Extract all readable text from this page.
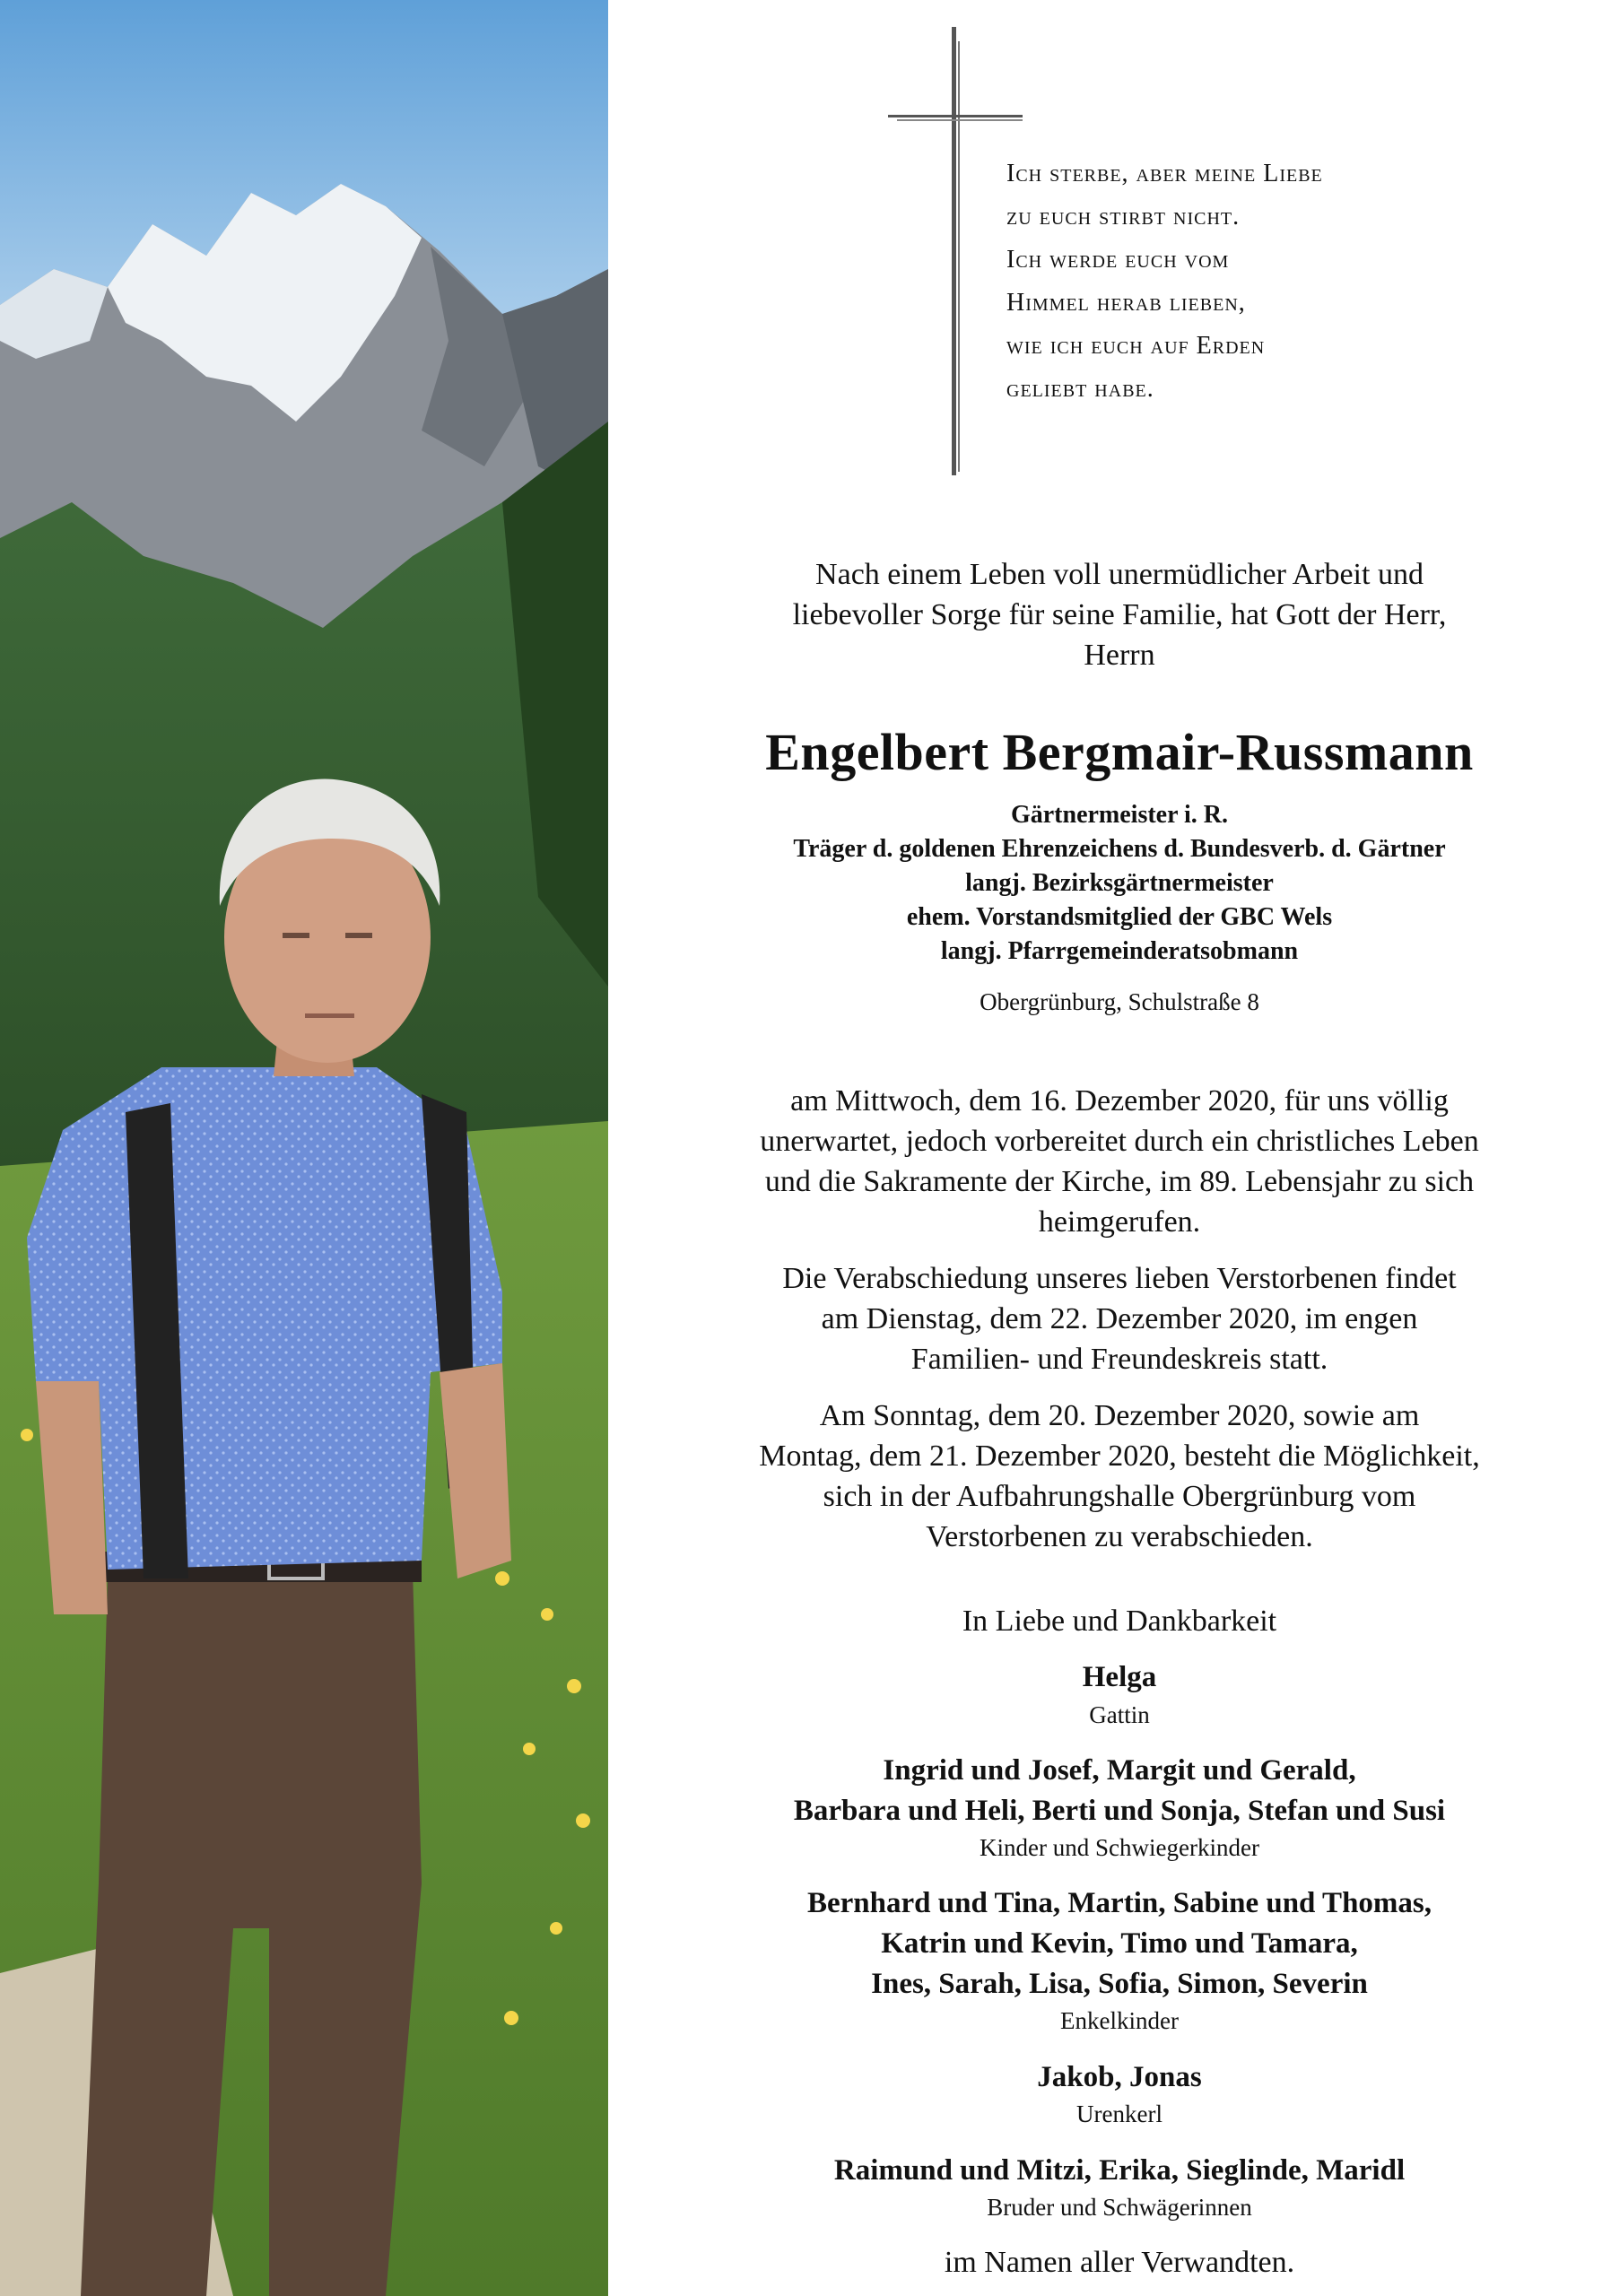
Ich sterbe, aber meine Liebe
zu euch stirbt nicht.
Ich werde euch vom
Himmel herab lieben,
wie ich euch auf Erden
geliebt habe.
Nach einem Leben voll unermüdlicher Arbeit und
liebevoller Sorge für seine Familie, hat Gott der Herr,
Herrn
Engelbert Bergmair-Russmann
Gärtnermeister i. R.
Träger d. goldenen Ehrenzeichens d. Bundesverb. d. Gärtner
langj. Bezirksgärtnermeister
ehem. Vorstandsmitglied der GBC Wels
langj. Pfarrgemeinderatsobmann
Obergrünburg, Schulstraße 8
am Mittwoch, dem 16. Dezember 2020, für uns völlig
unerwartet, jedoch vorbereitet durch ein christliches Leben
und die Sakramente der Kirche, im 89. Lebensjahr zu sich
heimgerufen.
Die Verabschiedung unseres lieben Verstorbenen findet
am Dienstag, dem 22. Dezember 2020, im engen
Familien- und Freundeskreis statt.
Am Sonntag, dem 20. Dezember 2020, sowie am
Montag, dem 21. Dezember 2020, besteht die Möglichkeit,
sich in der Aufbahrungshalle Obergrünburg vom
Verstorbenen zu verabschieden.
In Liebe und Dankbarkeit
Helga
Gattin
Ingrid und Josef, Margit und Gerald,
Barbara und Heli, Berti und Sonja, Stefan und Susi
Kinder und Schwiegerkinder
Bernhard und Tina, Martin, Sabine und Thomas,
Katrin und Kevin, Timo und Tamara,
Ines, Sarah, Lisa, Sofia, Simon, Severin
Enkelkinder
Jakob, Jonas
Urenkerl
Raimund und Mitzi, Erika, Sieglinde, Maridl
Bruder und Schwägerinnen
im Namen aller Verwandten.
